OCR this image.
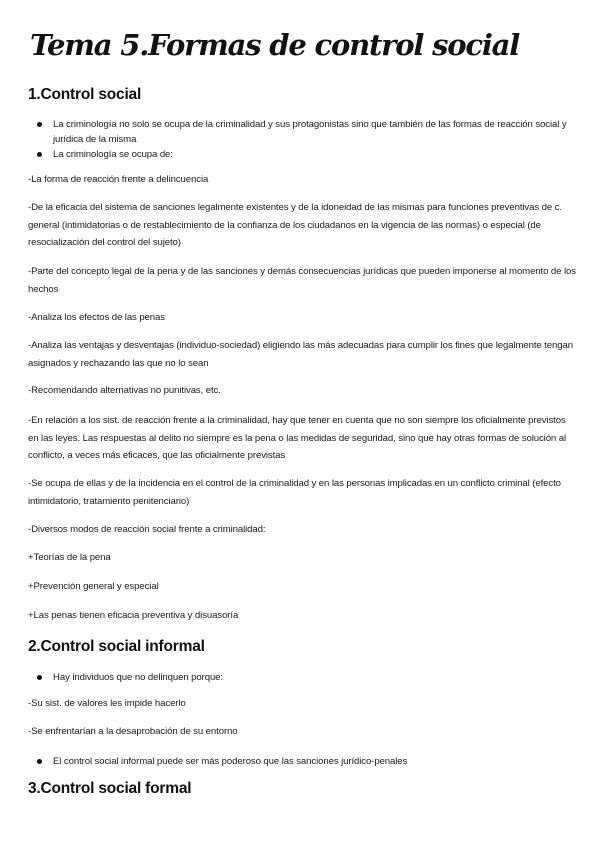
Tema 5.Formas de control social
1.Control social
La criminología no solo se ocupa de la criminalidad y sus protagonistas sino que también de las formas de reacción social y jurídica de la misma
La criminología se ocupa de:
-La forma de reacción frente a delincuencia
-De la eficacia del sistema de sanciones legalmente existentes y de la idoneidad de las mismas para funciones preventivas de c. general (intimidatorias o de restablecimiento de la confianza de los ciudadanos en la vigencia de las normas) o especial (de resocialización del control del sujeto)
-Parte del concepto legal de la pena y de las sanciones y demás consecuencias jurídicas que pueden imponerse al momento de los hechos
-Analiza los efectos de las penas
-Analiza las ventajas y desventajas (individuo-sociedad) eligiendo las más adecuadas para cumplir los fines que legalmente tengan asignados y rechazando las que no lo sean
-Recomendando alternativas no punitivas, etc.
-En relación a los sist. de reacción frente a la criminalidad, hay que tener en cuenta que no son siempre los oficialmente previstos en las leyes. Las respuestas al delito no siempre es la pena o las medidas de seguridad, sino que hay otras formas de solución al conflicto, a veces más eficaces, que las oficialmente previstas
-Se ocupa de ellas y de la incidencia en el control de la criminalidad y en las personas implicadas en un conflicto criminal (efecto intimidatorio, tratamiento penitenciario)
-Diversos modos de reacción social frente a criminalidad:
+Teorías de la pena
+Prevención general y especial
+Las penas tienen eficacia preventiva y disuasoría
2.Control social informal
Hay individuos que no delinquen porque:
-Su sist. de valores les impide hacerlo
-Se enfrentarían a la desaprobación de su entorno
El control social informal puede ser más poderoso que las sanciones jurídico-penales
3.Control social formal
